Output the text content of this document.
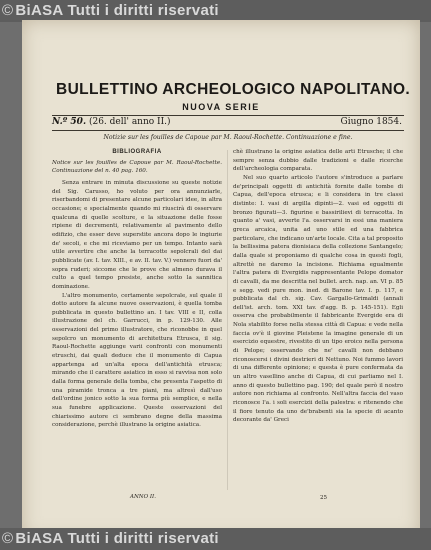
© BiASA Tutti i diritti riservati
BULLETTINO ARCHEOLOGICO NAPOLITANO.
NUOVA SERIE
N.º 50. (26. dell' anno II.)	Giugno 1854.
Notizie sur les fouilles de Capoue par M. Raoul-Rochette. Continuazione e fine.

BIBLIOGRAFIA

Notice sur les fouilles de Capoue par M. Raoul-Rochette. Continuazione del n. 40 pag. 160.

Senza entrare in minuta discussione su queste notizie del Sig. Carusso, ho voluto per ora annunziarle, riserbandomi di presentare alcune particolari idee, in altra occasione; e specialmente quando mi riuscirà di osservare qualcuna di quelle scolture, e la situazione delle fosse ripiene di decrementi, relativamente al pavimento dello edifizio, che esser deve superstite ancora dopo le ingiurie de' secoli, e che mi riceviamo per un tempo. Intanto sarà utile avvertire che anche la terracotte sepolcrali del dai pubblicate (av. I. tav. XIII., e av. II. tav. V.) vennero fuori da' sopra ruderi; siccome che le prove che almeno durava il culto a quel tempo presiste, anche sotto la sannitica dominazione.

L'altro monumento, certamente sepolcrale, sul quale il dotto autore fa alcune nuove osservazioni, è quella tomba pubblicata in questo bullettino an. I tav. VIII e II, colla illustrazione del ch. Garrucci, in p. 129-130. Alle osservazioni del primo illustratore, che riconobbe in quel sepolcro un monumento di architettura Etrusca, il sig. Raoul-Rochette aggiunge varii confronti con monumenti etruschi, dai quali deduce che il monumento di Capua appartenga ad un'alta epoca dell'antichità etrusca; mirando che il carattere asiatico in esso si ravvisa non solo dalla forma generale della tomba, che presenta l'aspetto di una piramide tronca a tre piani, ma altresì dall'uso dell'ordine jonico sotto la sua forma più semplice, e nella sua funebre applicazione. Queste osservazioni del chiarissimo autore ci sembrano degne della massima considerazione, perchè illustrano la origine asiatica.

chè illustrano la origine asiatica delle arti Etrusche; il che sempre senza dubbio dalle tradizioni e dalle ricerche dell'archeologia comparata.

Nel suo quarto articolo l'autore s'introduce a parlare de'principali oggetti di antichità fornite dalle tombe di Capua, dell'epoca etrusca; e li considera in tre classi distinte: I. vasi di argilla dipinti—2. vasi ed oggetti di bronzo figurati—3. figurine e bassirilievi di terracotta. In quanto a' vasi, avverte l'a. osservarsi in essi una maniera greca arcaica, unita ad uno stile ed una fabbrica particolare, che indicano un'arte locale. Cita a tal proposito la bellissima patera dionisiaca della collezione Santangelo; dalla quale si proponiamo di qualche cosa in questi fogli, altrettè ne daremo la incisione. Richiama egualmente l'altra patera di Evergidis rappresentante Pelope domator di cavalli, da me descritta nel bullet. arch. nap. an. VI p. 85 e segg. vedi pure mon. ined. di Barone tav. I. p. 117, e pubblicata dal ch. sig. Cav. Gargallo-Grimaldi (annali dell'ist. arch. tom. XXI tav. d'agg. B. p. 145-151). Egli osserva che probabilmente il fabbricante Evergide era di Nola stabilito forse nella stessa città di Capua: e vede nella faccia ov'è il giovine Pleistene la imagine generale di un esercizio equestre, rivestito di un tipo eroico nella persona di Pelope; osservando che ne' cavalli non debbano riconoscersi i divini destrieri di Nettuno. Noi fummo lavori di una differente opinione; e questa è pure confermata da un altro vasellino anche di Capua, di cui parliamo nel I. anno di questo bullettino pag. 190; del quale però il nostro autore non richiama al confronto. Nell'altra faccia del vaso riconosce l'a. i soli esercizii della palestra: e ritenendo che il fiore tenuto da uno de'brabenti sia la specie di acanto decorante da' Greci

ANNO II.	25
© BiASA Tutti i diritti riservati
